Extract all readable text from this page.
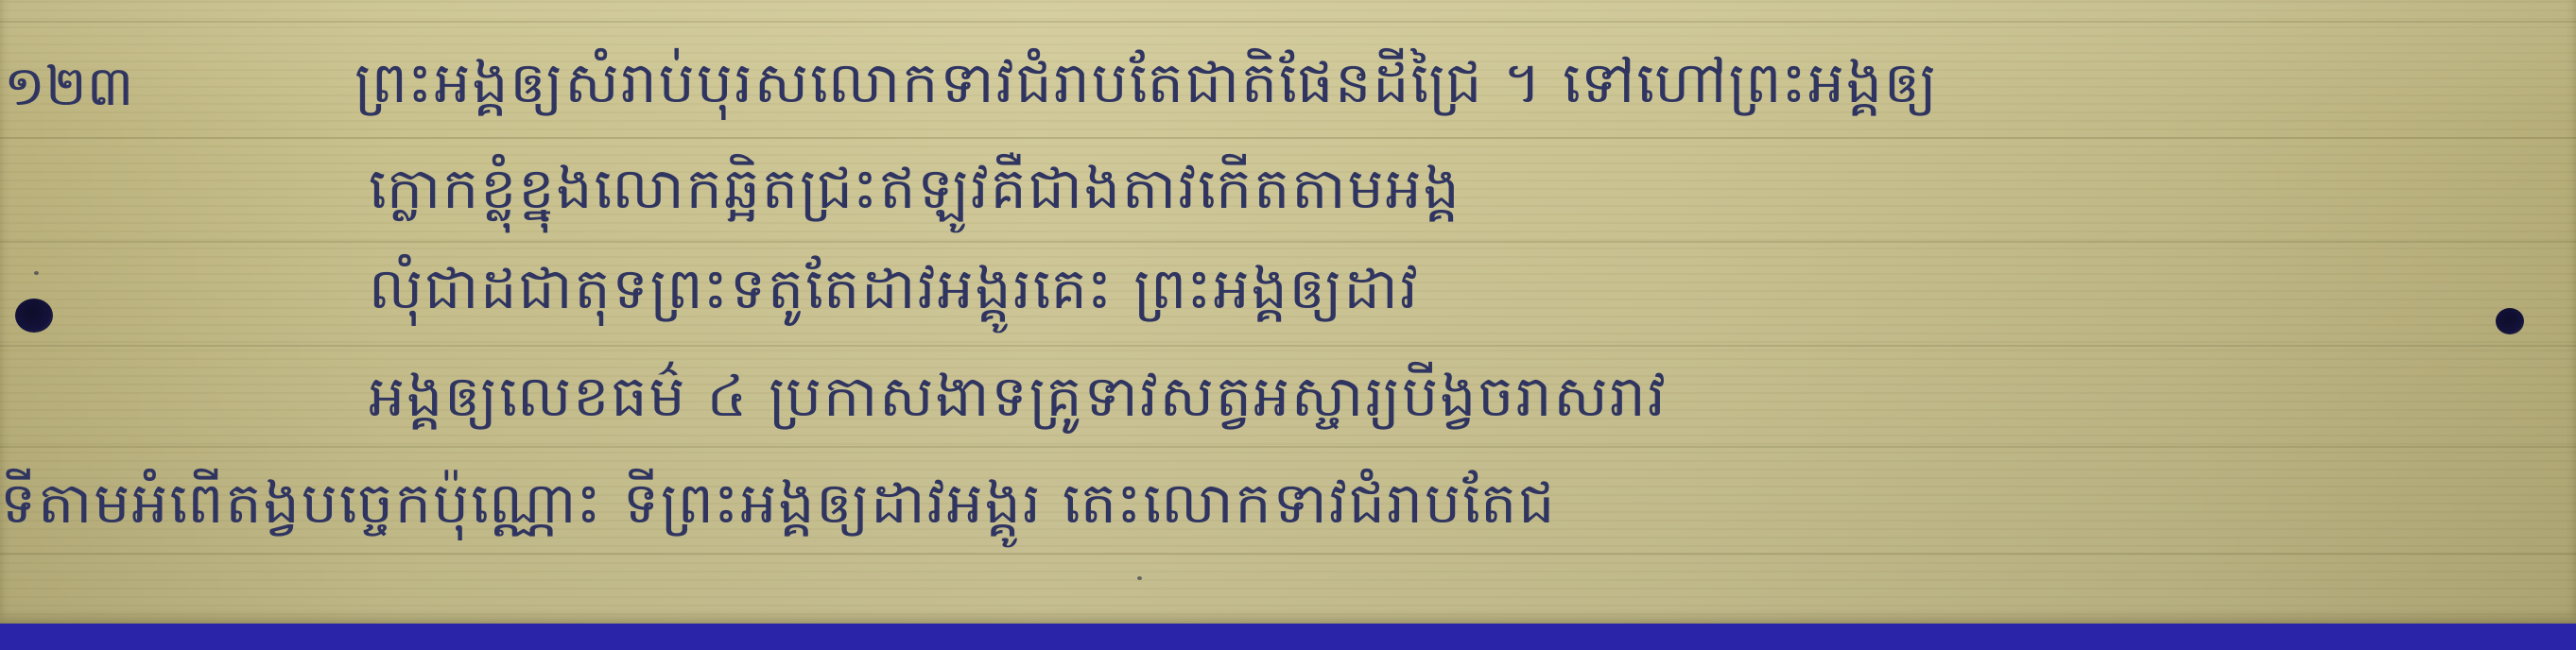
១២៣	ព្រះអង្គឲ្យសំរាប់បុរសលោកទាវជំរាបតែជាតិផែនដីជ្រៃ ។ ទៅហៅព្រះអង្គឲ្យ
ក្លោកខ្លុំខ្នុងលោកឆ្អិតជ្រះឥឡូវគឺជាងតាវកើតតាមអង្គ
លុំជាដជាតុទព្រះទតូតែដាវអង្គូរគេះ ព្រះអង្គឲ្យដាវ
អង្គឲ្យលេខធម៌ ៤ ប្រកាសងាទគ្រូទាវសត្វអស្ចារ្យបីង្វចរាសរាវ
ទីតាមអំពើតង្វបច្ចេកប៉ុណ្ណោះ ទីព្រះអង្គឲ្យដាវអង្គូរ តេះលោកទាវជំរាបតែជ
